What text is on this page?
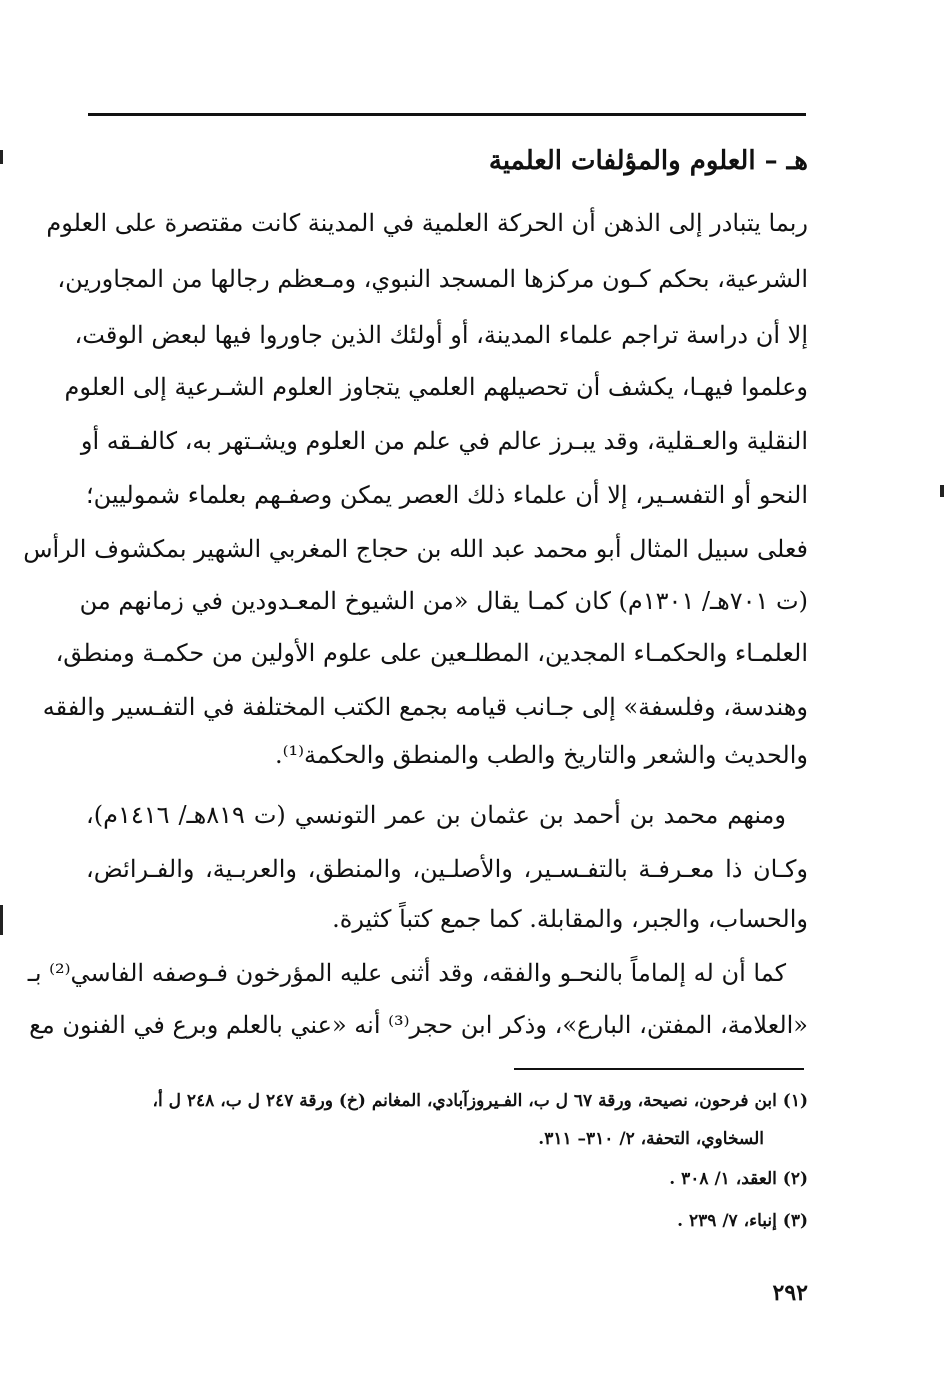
هـ – العلوم والمؤلفات العلمية
ربما يتبادر إلى الذهن أن الحركة العلمية في المدينة كانت مقتصرة على العلوم
الشرعية، بحكم كـون مركزها المسجد النبوي، ومـعظم رجالها من المجاورين،
إلا أن دراسة تراجم علماء المدينة، أو أولئك الذين جاوروا فيها لبعض الوقت،
وعلموا فيهـا، يكشف أن تحصيلهم العلمي يتجاوز العلوم الشـرعية إلى العلوم
النقلية والعـقلية، وقد يبـرز عالم في علم من العلوم ويشـتهر به، كالفـقه أو
النحو أو التفسـير، إلا أن علماء ذلك العصر يمكن وصفـهم بعلماء شموليين؛
فعلى سبيل المثال أبو محمد عبد الله بن حجاج المغربي الشهير بمكشوف الرأس
(ت ٧٠١هـ/ ١٣٠١م) كان كمـا يقال «من الشيوخ المعـدودين في زمانهم من
العلمـاء والحكمـاء المجدين، المطلـعين على علوم الأولين من حكمـة ومنطق،
وهندسة، وفلسفة» إلى جـانب قيامه بجمع الكتب المختلفة في التفـسير والفقه
والحديث والشعر والتاريخ والطب والمنطق والحكمة⁽¹⁾.
ومنهم محمد بن أحمد بن عثمان بن عمر التونسي (ت ٨١٩هـ/ ١٤١٦م)،
وكـان ذا معـرفـة بالتفـسـير، والأصلـين، والمنطق، والعربـية، والفـرائض،
والحساب، والجبر، والمقابلة. كما جمع كتباً كثيرة.
كما أن له إلماماً بالنحـو والفقه، وقد أثنى عليه المؤرخون فـوصفه الفاسي⁽²⁾ بـ
«العلامة، المفتن، البارع»، وذكر ابن حجر⁽³⁾ أنه «عني بالعلم وبرع في الفنون مع
(١) ابن فرحون، نصيحة، ورقة ٦٧ ل ب، الفـيروزآبادي، المغانم (خ) ورقة ٢٤٧ ل ب، ٢٤٨ ل أ،
السخاوي، التحفة، ٢/ ٣١٠– ٣١١.
(٢) العقد، ١/ ٣٠٨ .
(٣) إنباء، ٧/ ٢٣٩ .
٢٩٢
